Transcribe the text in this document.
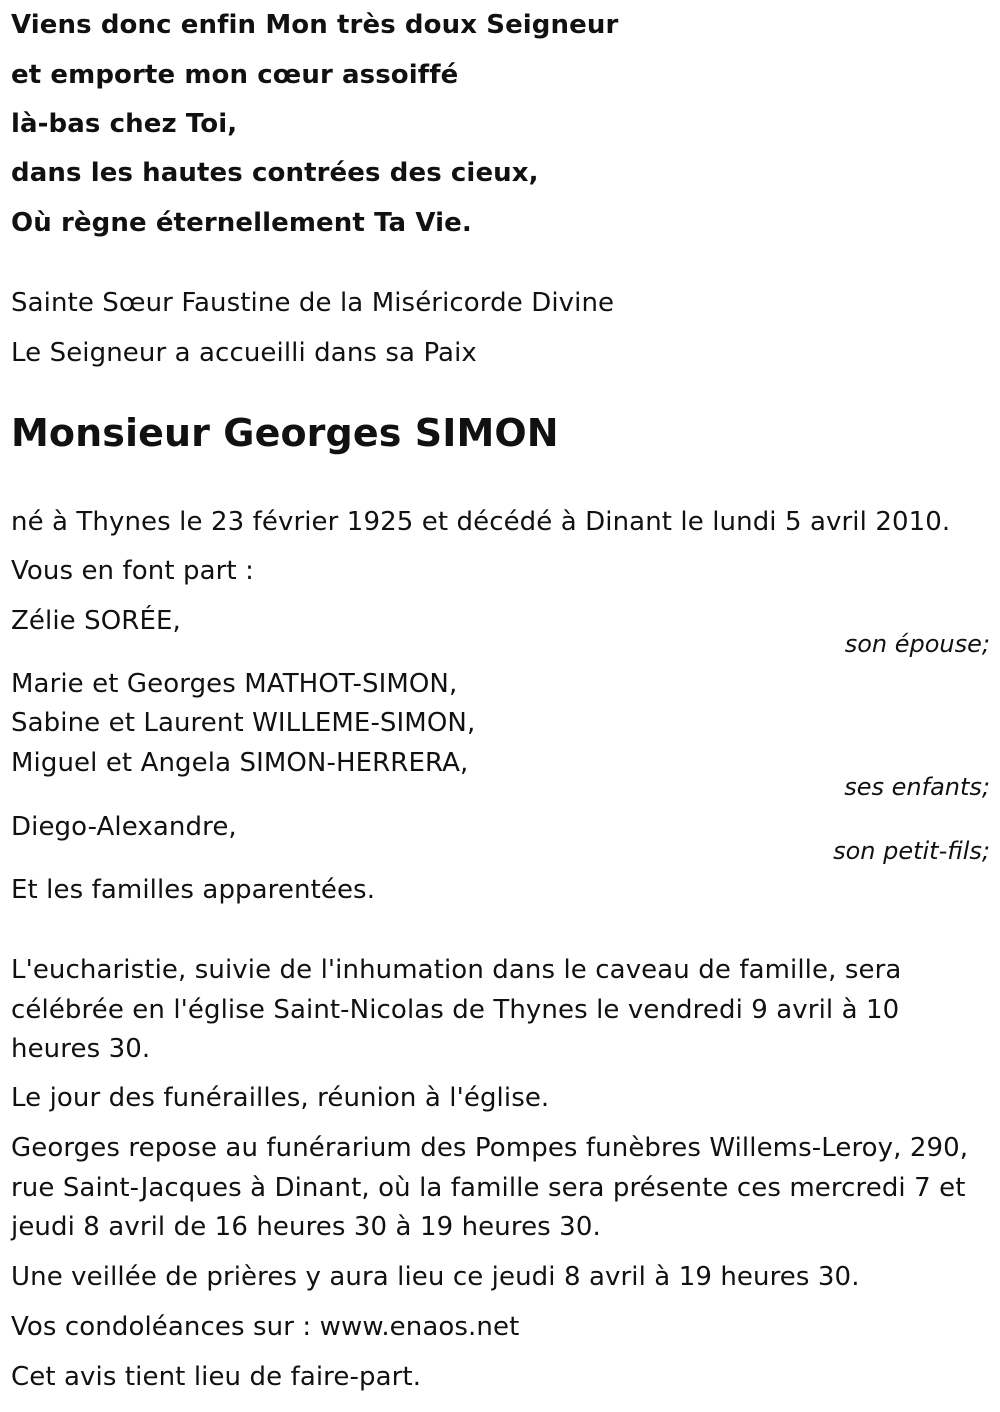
Viens donc enfin Mon très doux Seigneur
et emporte mon cœur assoiffé
là-bas chez Toi,
dans les hautes contrées des cieux,
Où règne éternellement Ta Vie.
Sainte Sœur Faustine de la Miséricorde Divine
Le Seigneur a accueilli dans sa Paix
Monsieur Georges SIMON
né à Thynes le 23 février 1925 et décédé à Dinant le lundi 5 avril 2010.
Vous en font part :
Zélie SORÉE,
son épouse;
Marie et Georges MATHOT-SIMON,
Sabine et Laurent WILLEME-SIMON,
Miguel et Angela SIMON-HERRERA,
ses enfants;
Diego-Alexandre,
son petit-fils;
Et les familles apparentées.
L'eucharistie, suivie de l'inhumation dans le caveau de famille, sera
célébrée en l'église Saint-Nicolas de Thynes le vendredi 9 avril à 10
heures 30.
Le jour des funérailles, réunion à l'église.
Georges repose au funérarium des Pompes funèbres Willems-Leroy, 290,
rue Saint-Jacques à Dinant, où la famille sera présente ces mercredi 7 et
jeudi 8 avril de 16 heures 30 à 19 heures 30.
Une veillée de prières y aura lieu ce jeudi 8 avril à 19 heures 30.
Vos condoléances sur : www.enaos.net
Cet avis tient lieu de faire-part.
